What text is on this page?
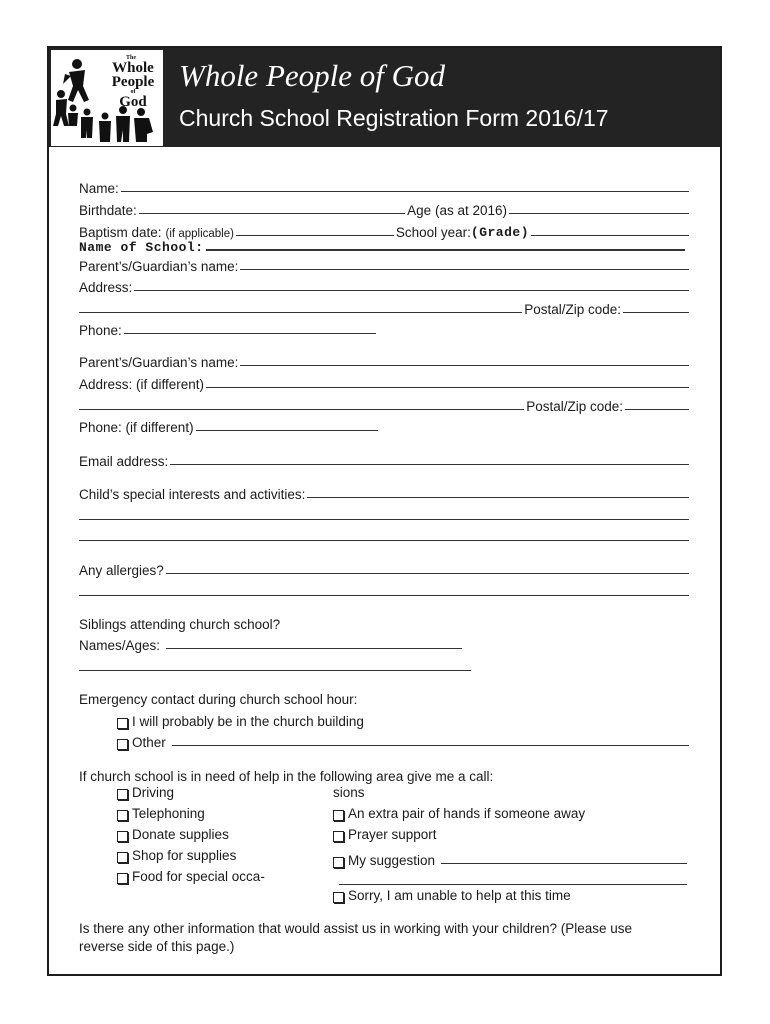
The
Whole
People
of
God
Whole People of God
Church School Registration Form 2016/17
Name:
Birthdate:	Age (as at 2016)
Baptism date: (if applicable)	School year: (Grade)
Name of School:
Parent’s/Guardian’s name:
Address:
Postal/Zip code:
Phone:
Parent’s/Guardian’s name:
Address: (if different)
Postal/Zip code:
Phone: (if different)
Email address:
Child’s special interests and activities:
Any allergies?
Siblings attending church school?
Names/Ages:
Emergency contact during church school hour:
I will probably be in the church building
Other
If church school is in need of help in the following area give me a call:
Driving
Telephoning
Donate supplies
Shop for supplies
Food for special occa-
sions
An extra pair of hands if someone away
Prayer support
My suggestion
Sorry, I am unable to help at this time
Is there any other information that would assist us in working with your children? (Please use reverse side of this page.)
